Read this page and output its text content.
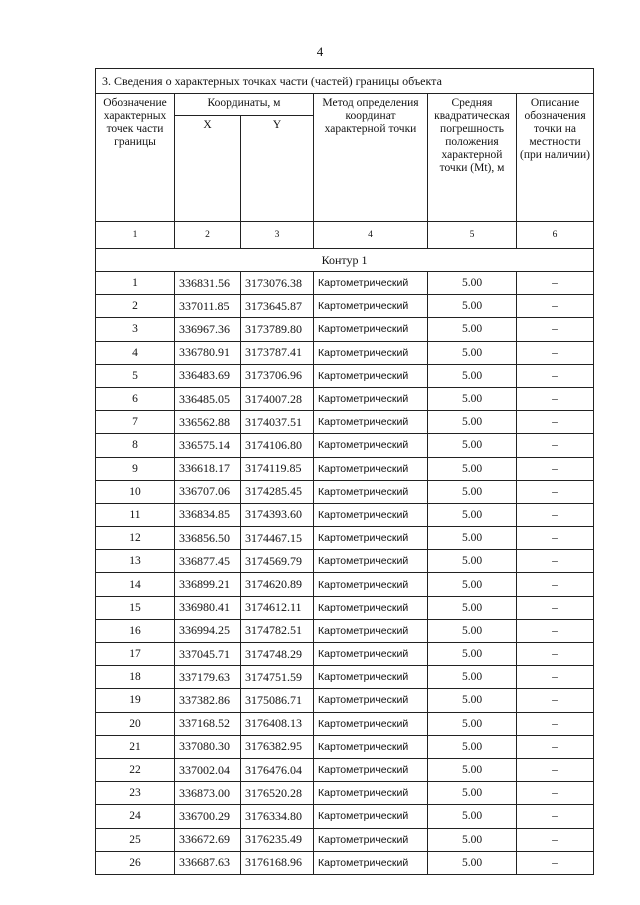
4
3. Сведения о характерных точках части (частей) границы объекта					
Обозначение характерных точек части границы	Координаты, м		Метод определения координат характерной точки	Средняя квадратическая погрешность положения характерной точки (Mt), м	Описание обозначения точки на местности (при наличии)
	X	Y			
1	2	3	4	5	6
Контур 1					
1	336831.56	3173076.38	Картометрический	5.00	–
2	337011.85	3173645.87	Картометрический	5.00	–
3	336967.36	3173789.80	Картометрический	5.00	–
4	336780.91	3173787.41	Картометрический	5.00	–
5	336483.69	3173706.96	Картометрический	5.00	–
6	336485.05	3174007.28	Картометрический	5.00	–
7	336562.88	3174037.51	Картометрический	5.00	–
8	336575.14	3174106.80	Картометрический	5.00	–
9	336618.17	3174119.85	Картометрический	5.00	–
10	336707.06	3174285.45	Картометрический	5.00	–
11	336834.85	3174393.60	Картометрический	5.00	–
12	336856.50	3174467.15	Картометрический	5.00	–
13	336877.45	3174569.79	Картометрический	5.00	–
14	336899.21	3174620.89	Картометрический	5.00	–
15	336980.41	3174612.11	Картометрический	5.00	–
16	336994.25	3174782.51	Картометрический	5.00	–
17	337045.71	3174748.29	Картометрический	5.00	–
18	337179.63	3174751.59	Картометрический	5.00	–
19	337382.86	3175086.71	Картометрический	5.00	–
20	337168.52	3176408.13	Картометрический	5.00	–
21	337080.30	3176382.95	Картометрический	5.00	–
22	337002.04	3176476.04	Картометрический	5.00	–
23	336873.00	3176520.28	Картометрический	5.00	–
24	336700.29	3176334.80	Картометрический	5.00	–
25	336672.69	3176235.49	Картометрический	5.00	–
26	336687.63	3176168.96	Картометрический	5.00	–
